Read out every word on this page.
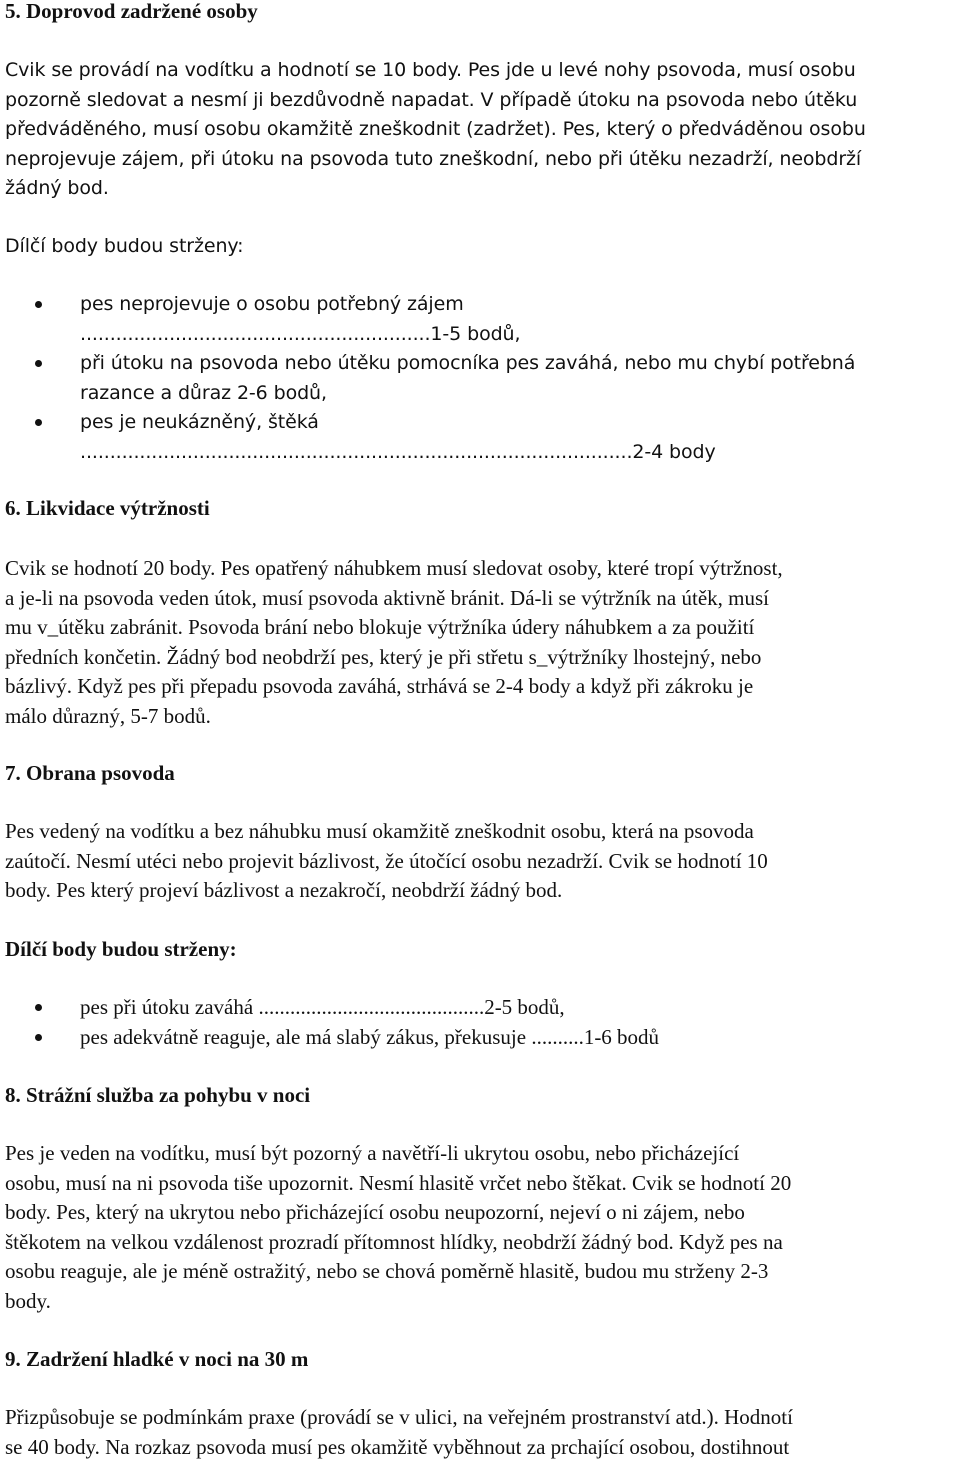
5. Doprovod zadržené osoby
Cvik se provádí na vodítku a hodnotí se 10 body. Pes jde u levé nohy psovoda, musí osobu
pozorně sledovat a nesmí ji bezdůvodně napadat. V případě útoku na psovoda nebo útěku
předváděného, musí osobu okamžitě zneškodnit (zadržet). Pes, který o předváděnou osobu
neprojevuje zájem, při útoku na psovoda tuto zneškodní, nebo při útěku nezadrží, neobdrží
žádný bod.

Dílčí body budou strženy:

pes neprojevuje o osobu potřebný zájem
...........................................................1-5 bodů,
při útoku na psovoda nebo útěku pomocníka pes zaváhá, nebo mu chybí potřebná
razance a důraz 2-6 bodů,
pes je neukázněný, štěká
.............................................................................................2-4 body
6. Likvidace výtržnosti
Cvik se hodnotí 20 body. Pes opatřený náhubkem musí sledovat osoby, které tropí výtržnost,
a je-li na psovoda veden útok, musí psovoda aktivně bránit. Dá-li se výtržník na útěk, musí
mu v_útěku zabránit. Psovoda brání nebo blokuje výtržníka údery náhubkem a za použití
předních končetin. Žádný bod neobdrží pes, který je při střetu s_výtržníky lhostejný, nebo
bázlivý. Když pes při přepadu psovoda zaváhá, strhává se 2-4 body a když při zákroku je
málo důrazný, 5-7 bodů.
7. Obrana psovoda
Pes vedený na vodítku a bez náhubku musí okamžitě zneškodnit osobu, která na psovoda
zaútočí. Nesmí utéci nebo projevit bázlivost, že útočící osobu nezadrží. Cvik se hodnotí 10
body. Pes který projeví bázlivost a nezakročí, neobdrží žádný bod.
Dílčí body budou strženy:
pes při útoku zaváhá ...........................................2-5 bodů,
pes adekvátně reaguje, ale má slabý zákus, překusuje ..........1-6 bodů
8. Strážní služba za pohybu v noci
Pes je veden na vodítku, musí být pozorný a navětří-li ukrytou osobu, nebo přicházející
osobu, musí na ni psovoda tiše upozornit. Nesmí hlasitě vrčet nebo štěkat. Cvik se hodnotí 20
body. Pes, který na ukrytou nebo přicházející osobu neupozorní, nejeví o ni zájem, nebo
štěkotem na velkou vzdálenost prozradí přítomnost hlídky, neobdrží žádný bod. Když pes na
osobu reaguje, ale je méně ostražitý, nebo se chová poměrně hlasitě, budou mu strženy 2-3
body.
9. Zadržení hladké v noci na 30 m
Přizpůsobuje se podmínkám praxe (provádí se v ulici, na veřejném prostranství atd.). Hodnotí
se 40 body. Na rozkaz psovoda musí pes okamžitě vyběhnout za prchající osobou, dostihnout
